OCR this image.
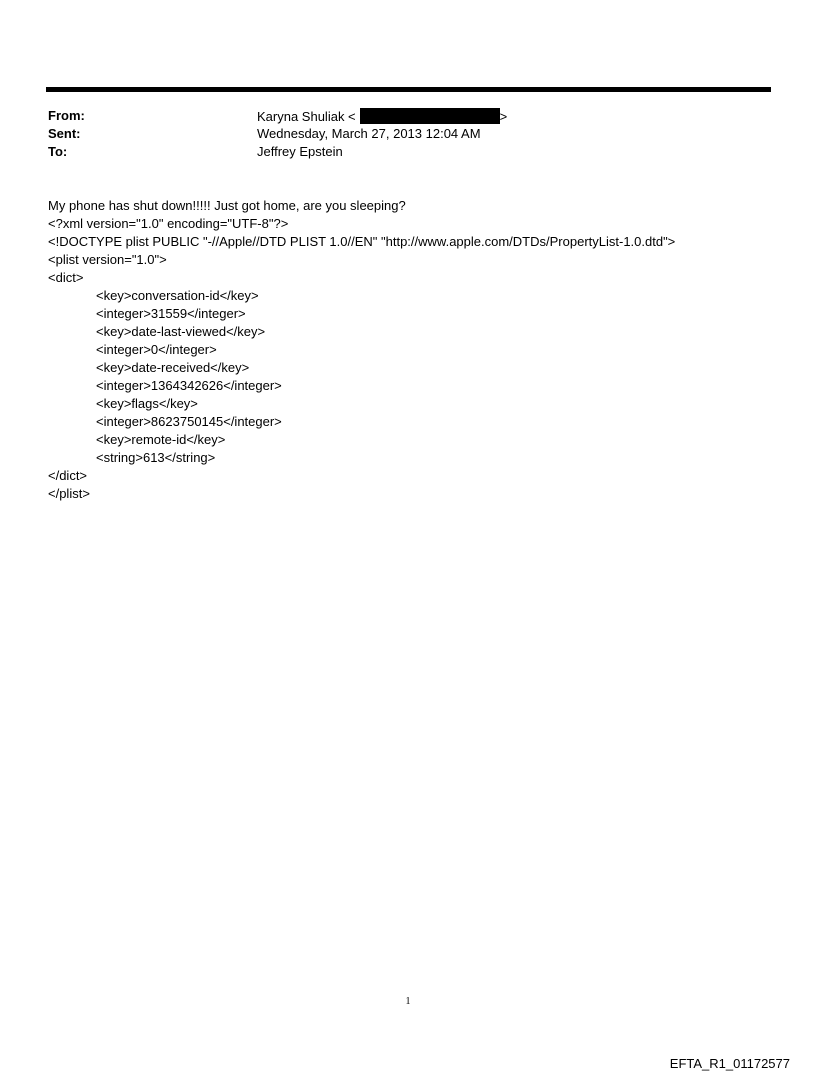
From:	Karyna Shuliak <	>
Sent:	Wednesday, March 27, 2013 12:04 AM
To:	Jeffrey Epstein
My phone has shut down!!!!! Just got home, are you sleeping?
<?xml version="1.0" encoding="UTF-8"?>
<!DOCTYPE plist PUBLIC "-//Apple//DTD PLIST 1.0//EN" "http://www.apple.com/DTDs/PropertyList-1.0.dtd">
<plist version="1.0">
<dict>
<key>conversation-id</key>
<integer>31559</integer>
<key>date-last-viewed</key>
<integer>0</integer>
<key>date-received</key>
<integer>1364342626</integer>
<key>flags</key>
<integer>8623750145</integer>
<key>remote-id</key>
<string>613</string>
</dict>
</plist>
1
EFTA_R1_01172577
